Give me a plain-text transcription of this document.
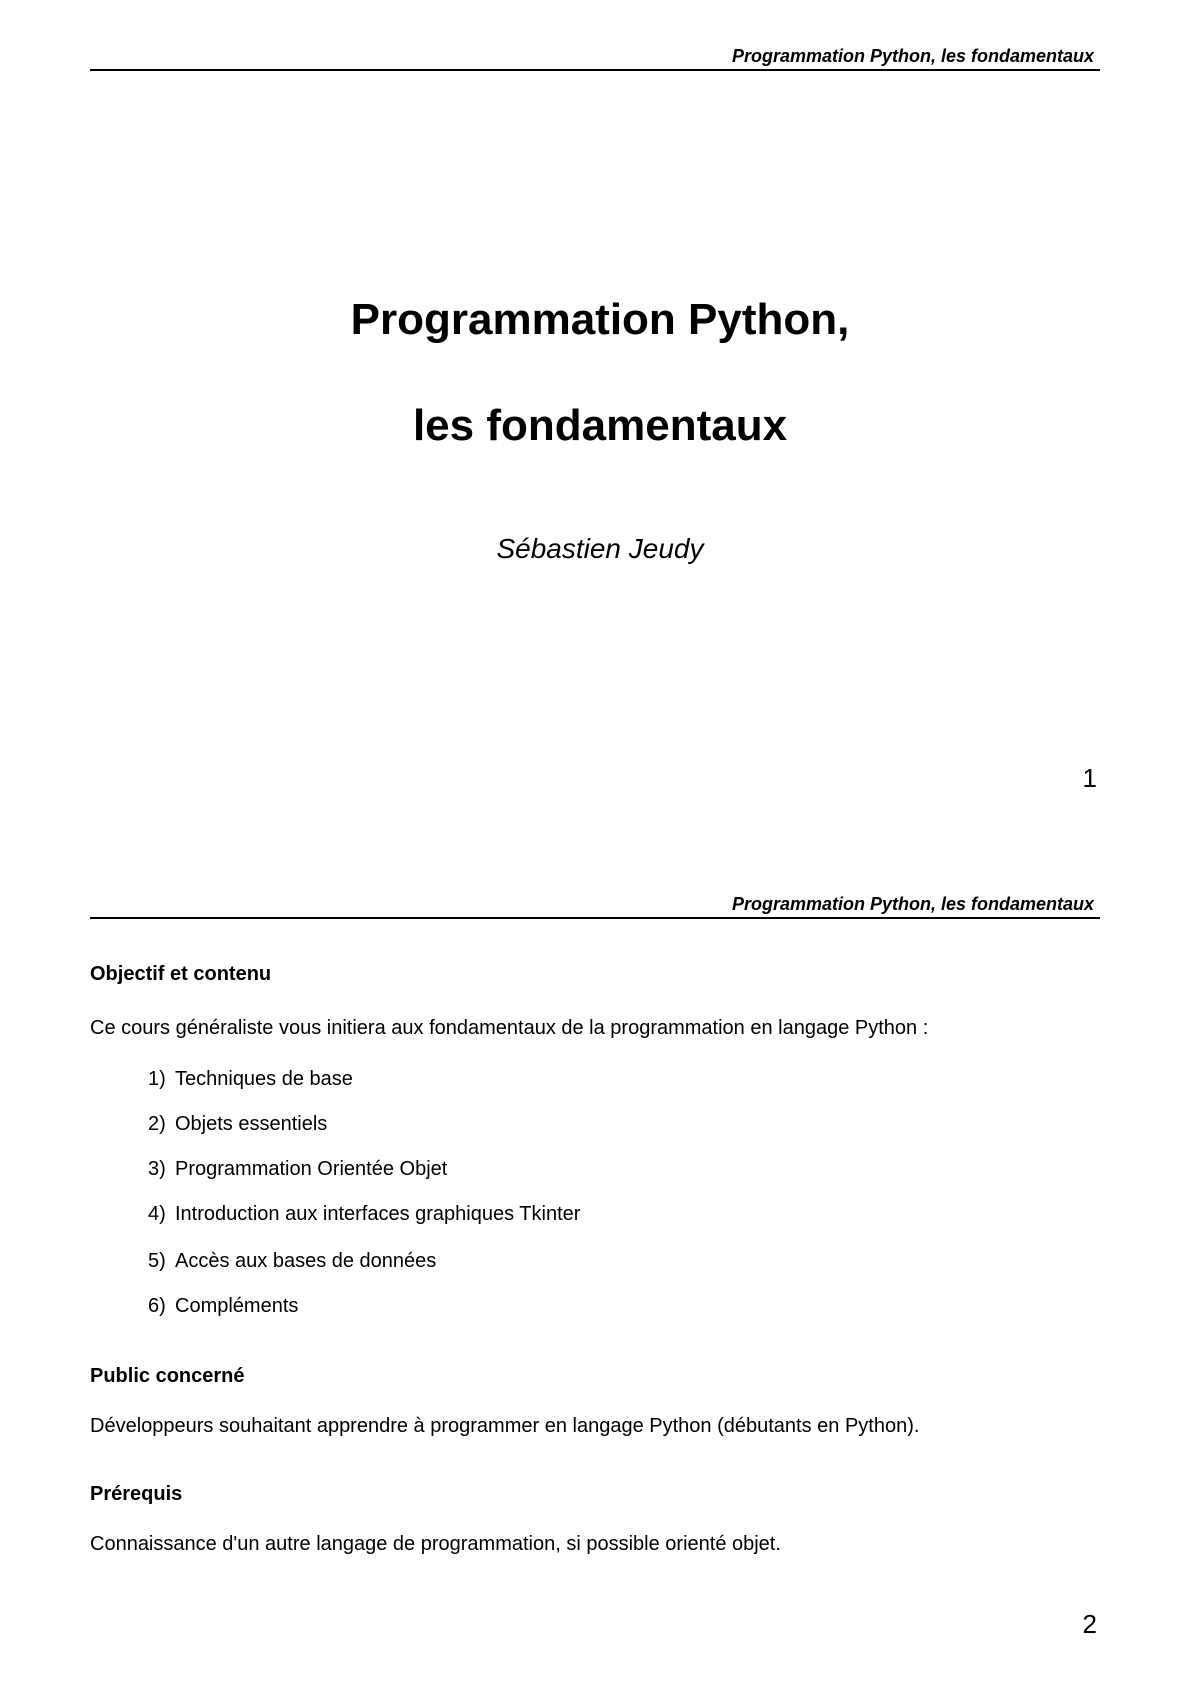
Programmation Python, les fondamentaux
Programmation Python,
les fondamentaux
Sébastien Jeudy
1
Programmation Python, les fondamentaux
Objectif et contenu
Ce cours généraliste vous initiera aux fondamentaux de la programmation en langage Python :
1) Techniques de base
2) Objets essentiels
3) Programmation Orientée Objet
4) Introduction aux interfaces graphiques Tkinter
5) Accès aux bases de données
6) Compléments
Public concerné
Développeurs souhaitant apprendre à programmer en langage Python (débutants en Python).
Prérequis
Connaissance d'un autre langage de programmation, si possible orienté objet.
2
